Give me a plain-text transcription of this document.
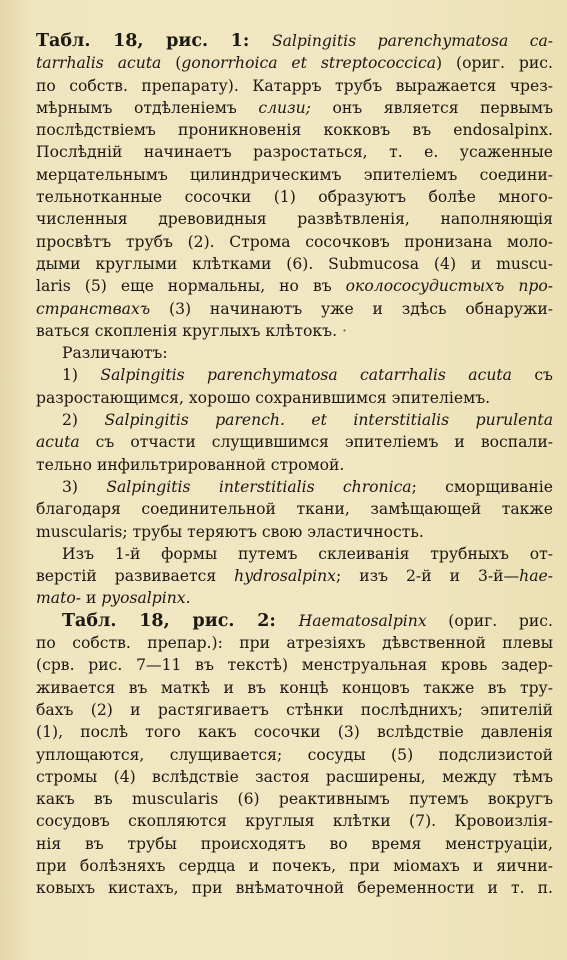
Табл. 18, рис. 1: Salpingitis parenchymatosa ca-
tarrhalis acuta (gonorrhoica et streptococcica) (ориг. рис.
по собств. препарату). Катарръ трубъ выражается чрез-
мѣрнымъ отдѣленіемъ слизи; онъ является первымъ
послѣдствіемъ проникновенія кокковъ въ endosalpinx.
Послѣдній начинаетъ разростаться, т. е. усаженные
мерцательнымъ цилиндрическимъ эпителіемъ соедини-
тельнотканные сосочки (1) образуютъ болѣе много-
численныя древовидныя развѣтвленія, наполняющія
просвѣтъ трубъ (2). Строма сосочковъ пронизана моло-
дыми круглыми клѣтками (6). Submucosa (4) и muscu-
laris (5) еще нормальны, но въ околососудистыхъ про-
странствахъ (3) начинаютъ уже и здѣсь обнаружи-
ваться скопленія круглыхъ клѣтокъ. ·
Различаютъ:
1) Salpingitis parenchymatosa catarrhalis acuta съ
разростающимся, хорошо сохранившимся эпителіемъ.
2) Salpingitis parench. et interstitialis purulenta
acuta съ отчасти слущившимся эпителіемъ и воспали-
тельно инфильтрированной стромой.
3) Salpingitis interstitialis chronica; сморщиваніе
благодаря соединительной ткани, замѣщающей также
muscularis; трубы теряютъ свою эластичность.
Изъ 1-й формы путемъ склеиванія трубныхъ от-
верстій развивается hydrosalpinx; изъ 2-й и 3-й—hae-
mato- и pyosalpinx.
Табл. 18, рис. 2: Haematosalpinx (ориг. рис.
по собств. препар.): при атрезіяхъ дѣвственной плевы
(срв. рис. 7—11 въ текстѣ) менструальная кровь задер-
живается въ маткѣ и въ концѣ концовъ также въ тру-
бахъ (2) и растягиваетъ стѣнки послѣднихъ; эпителій
(1), послѣ того какъ сосочки (3) вслѣдствіе давленія
уплощаются, слущивается; сосуды (5) подслизистой
стромы (4) вслѣдствіе застоя расширены, между тѣмъ
какъ въ muscularis (6) реактивнымъ путемъ вокругъ
сосудовъ скопляются круглыя клѣтки (7). Кровоизлія-
нія въ трубы происходятъ во время менструаціи,
при болѣзняхъ сердца и почекъ, при міомахъ и яични-
ковыхъ кистахъ, при внѣматочной беременности и т. п.
